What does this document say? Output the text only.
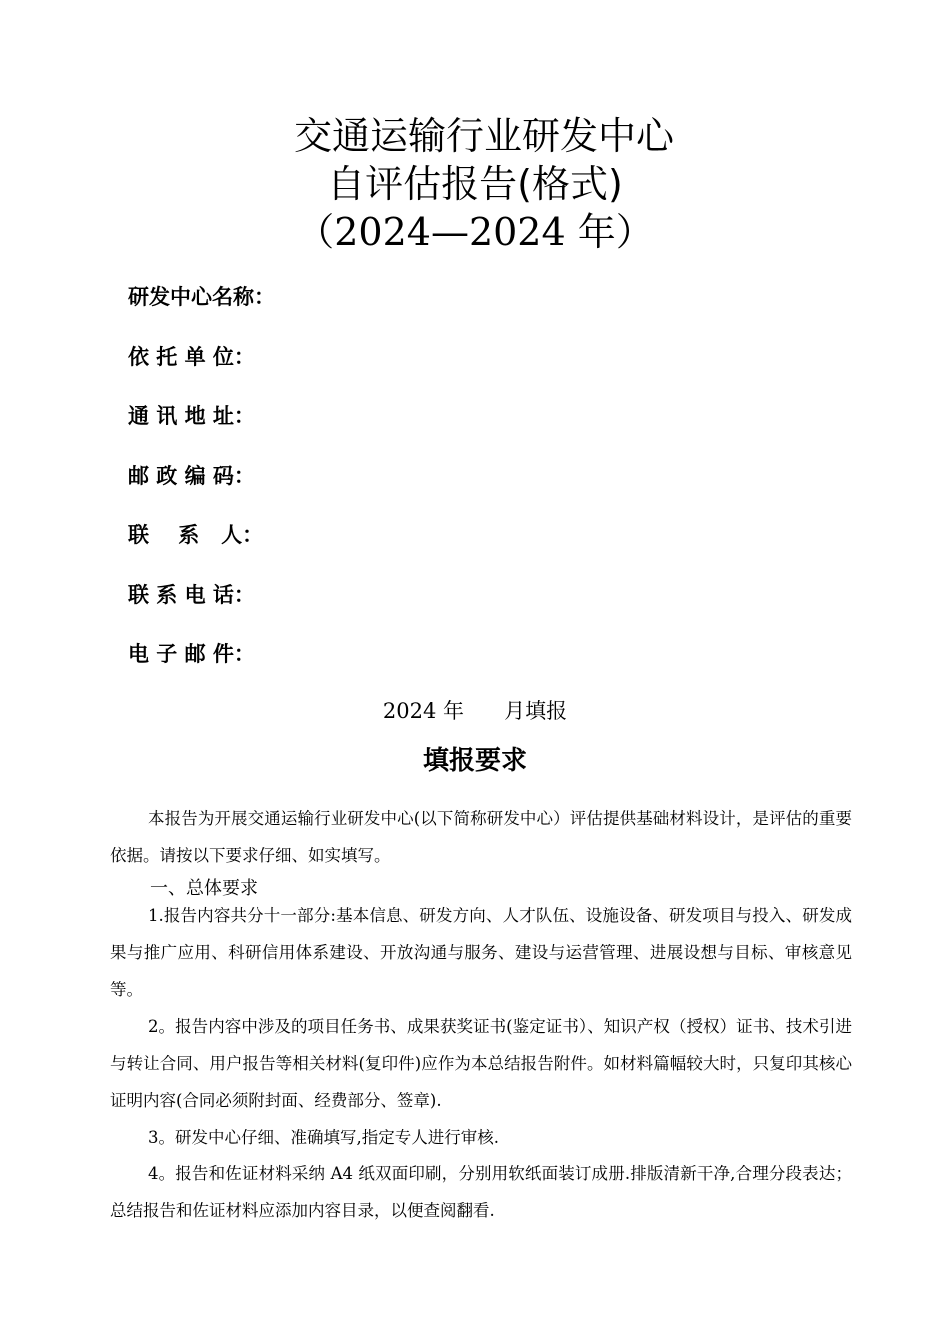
交通运输行业研发中心
自评估报告(格式)
（2024—2024 年）
研发中心名称：
依 托 单 位：
通 讯 地 址：
邮 政 编 码：
联    系   人：
联 系 电 话：
电 子 邮 件：
2024 年      月填报
填报要求

本报告为开展交通运输行业研发中心(以下简称研发中心）评估提供基础材料设计，是评估的重要依据。请按以下要求仔细、如实填写。

一、总体要求

1.报告内容共分十一部分:基本信息、研发方向、人才队伍、设施设备、研发项目与投入、研发成果与推广应用、科研信用体系建设、开放沟通与服务、建设与运营管理、进展设想与目标、审核意见等。

2。报告内容中涉及的项目任务书、成果获奖证书(鉴定证书）、知识产权（授权）证书、技术引进与转让合同、用户报告等相关材料(复印件)应作为本总结报告附件。如材料篇幅较大时，只复印其核心证明内容(合同必须附封面、经费部分、签章).

3。研发中心仔细、准确填写,指定专人进行审核.

4。报告和佐证材料采纳 A4 纸双面印刷，分别用软纸面装订成册.排版清新干净,合理分段表达；总结报告和佐证材料应添加内容目录，以便查阅翻看.
